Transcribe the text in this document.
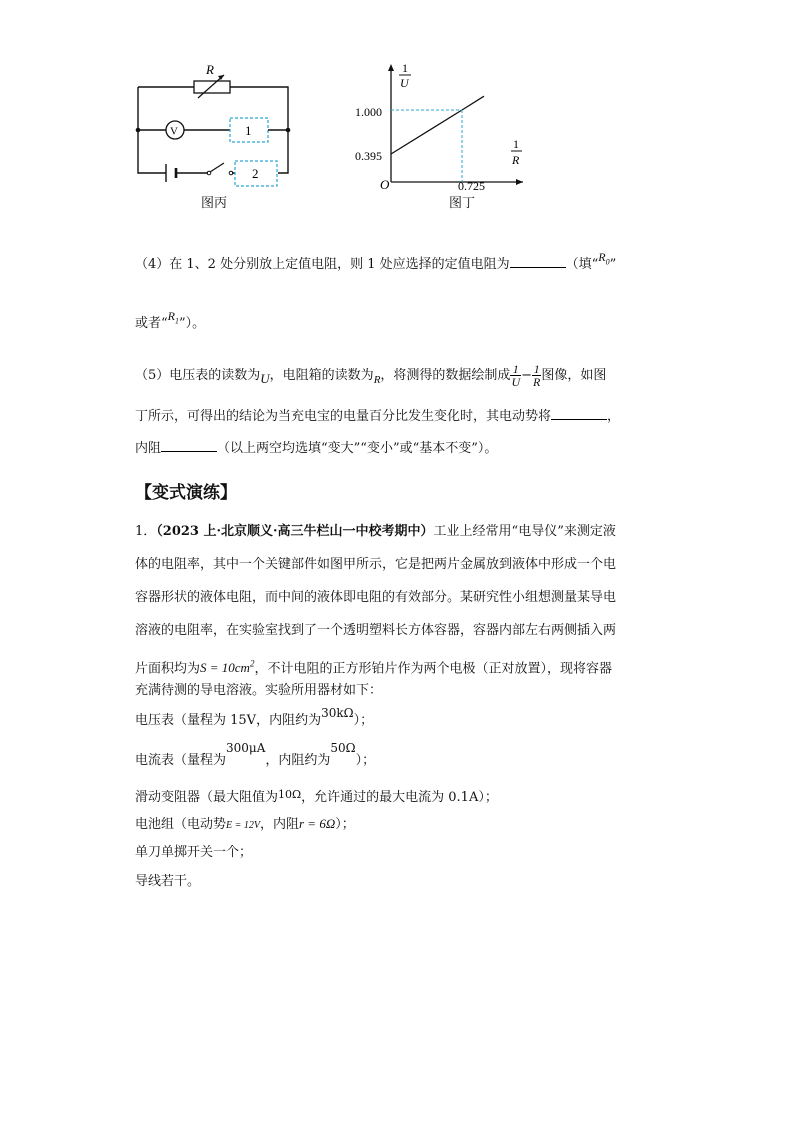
R
V	1
2
图丙
1
U
1
R
O
1.000
0.395
0.725
图丁
（4）在 1、2 处分别放上定值电阻，则 1 处应选择的定值电阻为	（填“$R_0$”
或者“$R_1$”）。
（5）电压表的读数为U，电阻箱的读数为$_R$，将测得的数据绘制成 $\frac{1}{U} - \frac{1}{R}$ 图像，如图
丁所示，可得出的结论为当充电宝的电量百分比发生变化时，其电动势将	，
内阻	（以上两空均选填“变大”“变小”或“基本不变”）。
【变式演练】
1．（2023 上·北京顺义·高三牛栏山一中校考期中）工业上经常用“电导仪”来测定液
体的电阻率，其中一个关键部件如图甲所示，它是把两片金属放到液体中形成一个电
容器形状的液体电阻，而中间的液体即电阻的有效部分。某研究性小组想测量某导电
溶液的电阻率，在实验室找到了一个透明塑料长方体容器，容器内部左右两侧插入两
片面积均为$S = 10cm^2$，不计电阻的正方形铂片作为两个电极（正对放置），现将容器
充满待测的导电溶液。实验所用器材如下：
电压表（量程为 15V，内阻约为30kΩ）；
电流表（量程为300μA，内阻约为50Ω）；
滑动变阻器（最大阻值为$^{10\Omega}$，允许通过的最大电流为 0.1A）；
电池组（电动势E = 12V，内阻r = 6Ω）；
单刀单掷开关一个；
导线若干。
